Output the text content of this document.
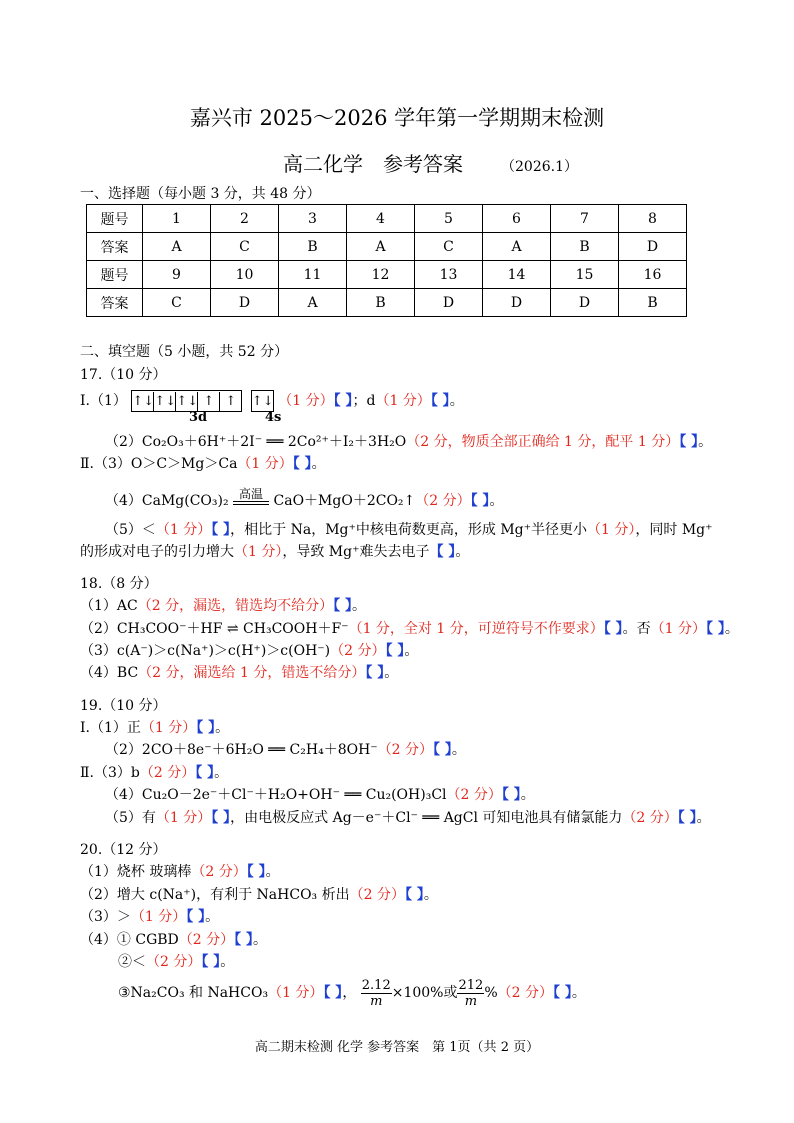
嘉兴市 2025～2026 学年第一学期期末检测
高二化学　参考答案	（2026.1）
一、选择题（每小题 3 分，共 48 分）
题号	1	2	3	4	5	6	7	8
答案	A	C	B	A	C	A	B	D
题号	9	10	11	12	13	14	15	16
答案	C	D	A	B	D	D	D	B
二、填空题（5 小题，共 52 分）
17.（10 分）
Ⅰ.（1） ↑↓↑↓↑↓ ↑ ↑ ↑↓ （1 分）【 】；d（1 分）【 】。
3d	4s
（2）Co₂O₃＋6H⁺＋2I⁻ ══ 2Co²⁺＋I₂＋3H₂O（2 分，物质全部正确给 1 分，配平 1 分）【 】。
Ⅱ.（3）O＞C＞Mg＞Ca（1 分）【 】。
（4）CaMg(CO₃)₂ 高温 CaO＋MgO＋2CO₂↑（2 分）【 】。
（5）＜（1 分）【 】，相比于 Na，Mg⁺中核电荷数更高，形成 Mg⁺半径更小（1 分），同时 Mg⁺
的形成对电子的引力增大（1 分），导致 Mg⁺难失去电子【 】。
18.（8 分）
（1）AC（2 分，漏选，错选均不给分）【 】。
（2）CH₃COO⁻＋HF ⇌ CH₃COOH＋F⁻（1 分，全对 1 分，可逆符号不作要求）【 】。否（1 分）【 】。
（3）c(A⁻)＞c(Na⁺)＞c(H⁺)＞c(OH⁻)（2 分）【 】。
（4）BC（2 分，漏选给 1 分，错选不给分）【 】。
19.（10 分）
Ⅰ.（1）正（1 分）【 】。
（2）2CO＋8e⁻＋6H₂O ══ C₂H₄＋8OH⁻（2 分）【 】。
Ⅱ.（3）b（2 分）【 】。
（4）Cu₂O－2e⁻＋Cl⁻＋H₂O+OH⁻ ══ Cu₂(OH)₃Cl（2 分）【 】。
（5）有（1 分）【 】，由电极反应式 Ag－e⁻＋Cl⁻ ══ AgCl 可知电池具有储氯能力（2 分）【 】。
20.（12 分）
（1）烧杯 玻璃棒（2 分）【 】。
（2）增大 c(Na⁺)，有利于 NaHCO₃ 析出（2 分）【 】。
（3）＞（1 分）【 】。
（4）① CGBD（2 分）【 】。
②＜（2 分）【 】。
③Na₂CO₃ 和 NaHCO₃（1 分）【 】， $\frac{2.12}{m} \times 100\%$或 $\frac{212}{m} \%(2$ 分）【 】。
高二期末检测 化学 参考答案　第 1页（共 2 页）
